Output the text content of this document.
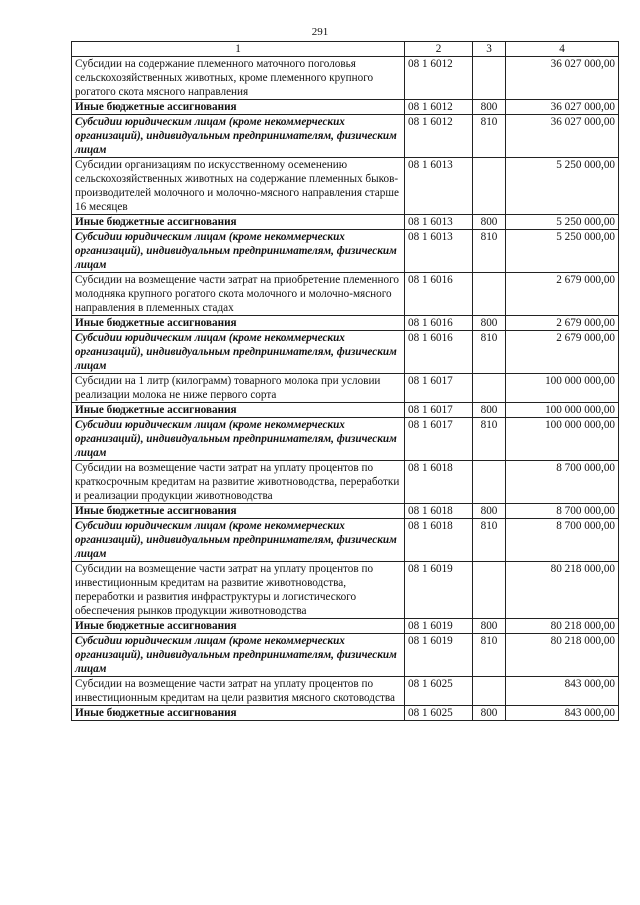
291
1	2	3	4
Субсидии на содержание племенного маточного поголовья сельскохозяйственных животных, кроме племенного крупного рогатого скота мясного направления	08 1 6012		36 027 000,00
Иные бюджетные ассигнования	08 1 6012	800	36 027 000,00
Субсидии юридическим лицам (кроме некоммерческих организаций), индивидуальным предпринимателям, физическим лицам	08 1 6012	810	36 027 000,00
Субсидии организациям по искусственному осеменению сельскохозяйственных животных на содержание племенных быков-производителей молочного и молочно-мясного направления старше 16 месяцев	08 1 6013		5 250 000,00
Иные бюджетные ассигнования	08 1 6013	800	5 250 000,00
Субсидии юридическим лицам (кроме некоммерческих организаций), индивидуальным предпринимателям, физическим лицам	08 1 6013	810	5 250 000,00
Субсидии на возмещение части затрат на приобретение племенного молодняка крупного рогатого скота молочного и молочно-мясного направления в племенных стадах	08 1 6016		2 679 000,00
Иные бюджетные ассигнования	08 1 6016	800	2 679 000,00
Субсидии юридическим лицам (кроме некоммерческих организаций), индивидуальным предпринимателям, физическим лицам	08 1 6016	810	2 679 000,00
Субсидии на 1 литр (килограмм) товарного молока при условии реализации молока не ниже первого сорта	08 1 6017		100 000 000,00
Иные бюджетные ассигнования	08 1 6017	800	100 000 000,00
Субсидии юридическим лицам (кроме некоммерческих организаций), индивидуальным предпринимателям, физическим лицам	08 1 6017	810	100 000 000,00
Субсидии на возмещение части затрат на уплату процентов по краткосрочным кредитам на развитие животноводства, переработки и реализации продукции животноводства	08 1 6018		8 700 000,00
Иные бюджетные ассигнования	08 1 6018	800	8 700 000,00
Субсидии юридическим лицам (кроме некоммерческих организаций), индивидуальным предпринимателям, физическим лицам	08 1 6018	810	8 700 000,00
Субсидии на возмещение части затрат на уплату процентов по инвестиционным кредитам на развитие животноводства, переработки и развития инфраструктуры и логистического обеспечения рынков продукции животноводства	08 1 6019		80 218 000,00
Иные бюджетные ассигнования	08 1 6019	800	80 218 000,00
Субсидии юридическим лицам (кроме некоммерческих организаций), индивидуальным предпринимателям, физическим лицам	08 1 6019	810	80 218 000,00
Субсидии на возмещение части затрат на уплату процентов по инвестиционным кредитам на цели развития мясного скотоводства	08 1 6025		843 000,00
Иные бюджетные ассигнования	08 1 6025	800	843 000,00
